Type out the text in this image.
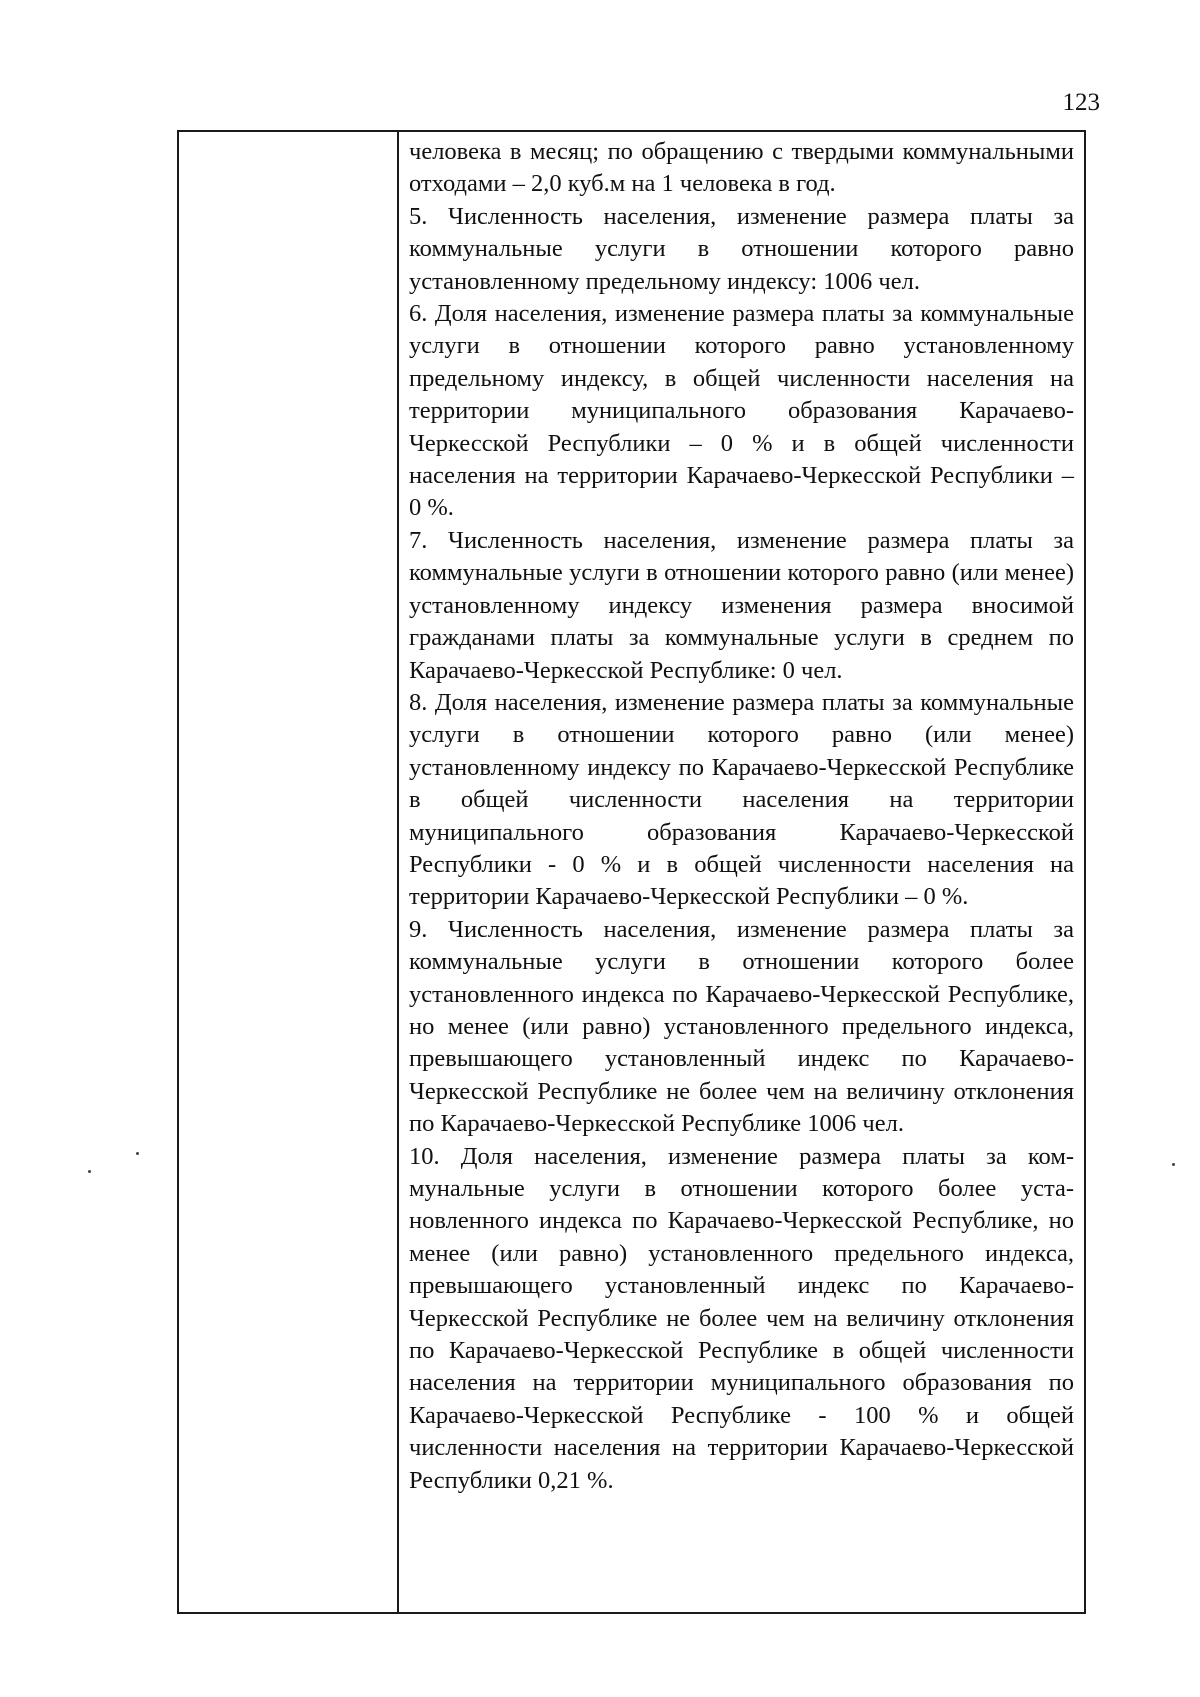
123

человека в месяц; по обращению с твердыми коммунальными отходами – 2,0 куб.м на 1 человека в год.

5. Численность населения, изменение размера платы за коммунальные услуги в отношении которого равно установленному предельному индексу: 1006 чел.

6. Доля населения, изменение размера платы за коммунальные услуги в отношении которого равно установленному предельному индексу, в общей численности населения на территории муниципального образования Карачаево-Черкесской Республики – 0 % и в общей численности населения на территории Карачаево-Черкесской Республики – 0 %.

7. Численность населения, изменение размера платы за коммунальные услуги в отношении которого равно (или менее) установленному индексу изменения размера вносимой гражданами платы за коммунальные услуги в среднем по Карачаево-Черкесской Республике: 0 чел.

8. Доля населения, изменение размера платы за коммунальные услуги в отношении которого равно (или менее) установленному индексу по Карачаево-Черкесской Республике в общей численности населения на территории муниципального образования Карачаево-Черкесской Республики - 0 % и в общей численности населения на территории Карачаево-Черкесской Республики – 0 %.

9. Численность населения, изменение размера платы за коммунальные услуги в отношении которого более установленного индекса по Карачаево-Черкесской Республике, но менее (или равно) установленного предельного индекса, превышающего установленный индекс по Карачаево-Черкесской Республике не более чем на величину отклонения по Карачаево-Черкесской Республике 1006 чел.

10. Доля населения, изменение размера платы за коммунальные услуги в отношении которого более установленного индекса по Карачаево-Черкесской Республике, но менее (или равно) установленного предельного индекса, превышающего установленный индекс по Карачаево-Черкесской Республике не более чем на величину отклонения по Карачаево-Черкесской Республике в общей численности населения на территории муниципального образования по Карачаево-Черкесской Республике - 100 % и общей численности населения на территории Карачаево-Черкесской Республики 0,21 %.
